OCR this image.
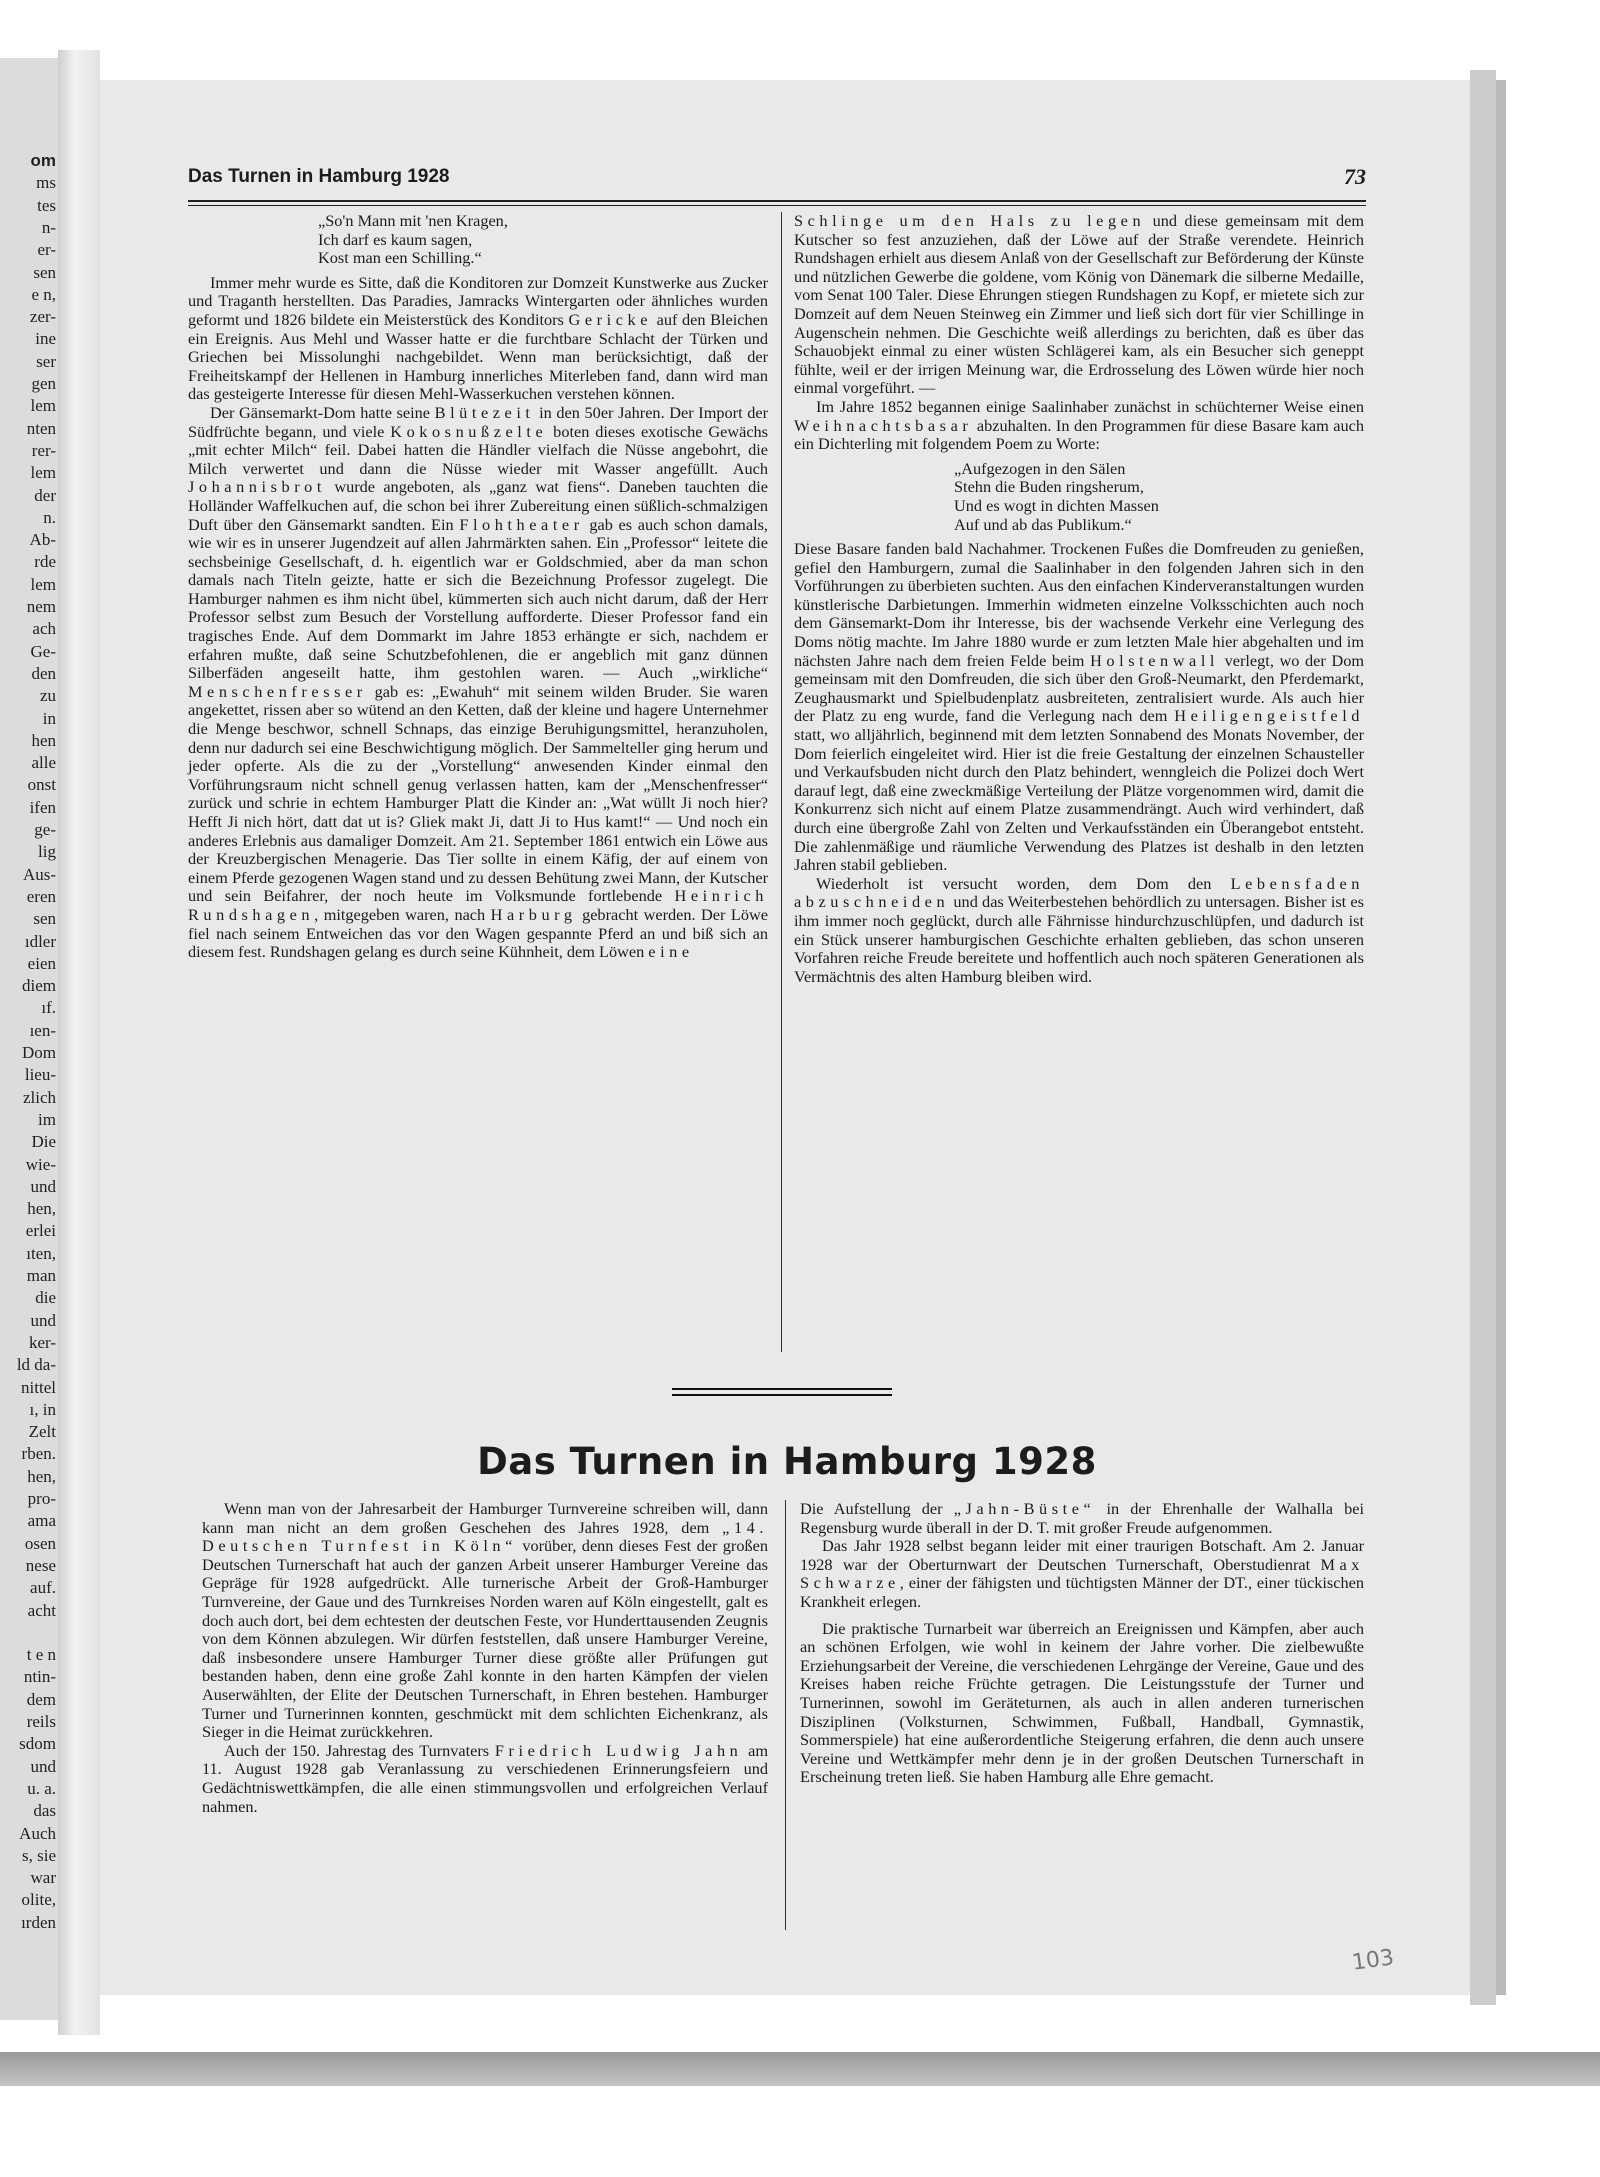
om
ms
tes
n-
er-
sen
e n,
zer-
ine
ser
gen
lem
nten
rer-
lem
der
n.
Ab-
rde
lem
nem
ach
Ge-
den
zu
in
hen
alle
onst
ifen
ge-
lig
Aus-
eren
sen
ıdler
eien
diem
ıf.
ıen-
Dom
lieu-
zlich
im
Die
wie-
und
hen,
erlei
ıten,
man
die
und
ker-
ld da-
nittel
ı, in
Zelt
rben.
hen,
pro-
ama
osen
nese
auf.
acht
t e n
ntin-
dem
reils
sdom
und
u. a.
das
Auch
s, sie
war
olite,
ırden
Das Turnen in Hamburg 1928	73
„So'n Mann mit 'nen Kragen,
Ich darf es kaum sagen,
Kost man een Schilling.“

Immer mehr wurde es Sitte, daß die Konditoren zur Domzeit Kunstwerke aus Zucker und Traganth herstellten. Das Paradies, Jamracks Wintergarten oder ähnliches wurden geformt und 1826 bildete ein Meisterstück des Konditors Gericke auf den Bleichen ein Ereignis. Aus Mehl und Wasser hatte er die furchtbare Schlacht der Türken und Griechen bei Missolunghi nachgebildet. Wenn man berücksichtigt, daß der Freiheitskampf der Hellenen in Hamburg innerliches Miterleben fand, dann wird man das gesteigerte Interesse für diesen Mehl-Wasserkuchen verstehen können.

Der Gänsemarkt-Dom hatte seine Blütezeit in den 50er Jahren. Der Import der Südfrüchte begann, und viele Kokosnußzelte boten dieses exotische Gewächs „mit echter Milch“ feil. Dabei hatten die Händler vielfach die Nüsse angebohrt, die Milch verwertet und dann die Nüsse wieder mit Wasser angefüllt. Auch Johannisbrot wurde angeboten, als „ganz wat fiens“. Daneben tauchten die Holländer Waffelkuchen auf, die schon bei ihrer Zubereitung einen süßlich-schmalzigen Duft über den Gänsemarkt sandten. Ein Flohtheater gab es auch schon damals, wie wir es in unserer Jugendzeit auf allen Jahrmärkten sahen. Ein „Professor“ leitete die sechsbeinige Gesellschaft, d. h. eigentlich war er Goldschmied, aber da man schon damals nach Titeln geizte, hatte er sich die Bezeichnung Professor zugelegt. Die Hamburger nahmen es ihm nicht übel, kümmerten sich auch nicht darum, daß der Herr Professor selbst zum Besuch der Vorstellung aufforderte. Dieser Professor fand ein tragisches Ende. Auf dem Dommarkt im Jahre 1853 erhängte er sich, nachdem er erfahren mußte, daß seine Schutzbefohlenen, die er angeblich mit ganz dünnen Silberfäden angeseilt hatte, ihm gestohlen waren. — Auch „wirkliche“ Menschenfresser gab es: „Ewahuh“ mit seinem wilden Bruder. Sie waren angekettet, rissen aber so wütend an den Ketten, daß der kleine und hagere Unternehmer die Menge beschwor, schnell Schnaps, das einzige Beruhigungsmittel, heranzuholen, denn nur dadurch sei eine Beschwichtigung möglich. Der Sammelteller ging herum und jeder opferte. Als die zu der „Vorstellung“ anwesenden Kinder einmal den Vorführungsraum nicht schnell genug verlassen hatten, kam der „Menschenfresser“ zurück und schrie in echtem Hamburger Platt die Kinder an: „Wat wüllt Ji noch hier? Hefft Ji nich hört, datt dat ut is? Gliek makt Ji, datt Ji to Hus kamt!“ — Und noch ein anderes Erlebnis aus damaliger Domzeit. Am 21. September 1861 entwich ein Löwe aus der Kreuzbergischen Menagerie. Das Tier sollte in einem Käfig, der auf einem von einem Pferde gezogenen Wagen stand und zu dessen Behütung zwei Mann, der Kutscher und sein Beifahrer, der noch heute im Volksmunde fortlebende Heinrich Rundshagen, mitgegeben waren, nach Harburg gebracht werden. Der Löwe fiel nach seinem Entweichen das vor den Wagen gespannte Pferd an und biß sich an diesem fest. Rundshagen gelang es durch seine Kühnheit, dem Löwen eine

Schlinge um den Hals zu legen und diese gemeinsam mit dem Kutscher so fest anzuziehen, daß der Löwe auf der Straße verendete. Heinrich Rundshagen erhielt aus diesem Anlaß von der Gesellschaft zur Beförderung der Künste und nützlichen Gewerbe die goldene, vom König von Dänemark die silberne Medaille, vom Senat 100 Taler. Diese Ehrungen stiegen Rundshagen zu Kopf, er mietete sich zur Domzeit auf dem Neuen Steinweg ein Zimmer und ließ sich dort für vier Schillinge in Augenschein nehmen. Die Geschichte weiß allerdings zu berichten, daß es über das Schauobjekt einmal zu einer wüsten Schlägerei kam, als ein Besucher sich geneppt fühlte, weil er der irrigen Meinung war, die Erdrosselung des Löwen würde hier noch einmal vorgeführt. —

Im Jahre 1852 begannen einige Saalinhaber zunächst in schüchterner Weise einen Weihnachtsbasar abzuhalten. In den Programmen für diese Basare kam auch ein Dichterling mit folgendem Poem zu Worte:

„Aufgezogen in den Sälen
Stehn die Buden ringsherum,
Und es wogt in dichten Massen
Auf und ab das Publikum.“

Diese Basare fanden bald Nachahmer. Trockenen Fußes die Domfreuden zu genießen, gefiel den Hamburgern, zumal die Saalinhaber in den folgenden Jahren sich in den Vorführungen zu überbieten suchten. Aus den einfachen Kinderveranstaltungen wurden künstlerische Darbietungen. Immerhin widmeten einzelne Volksschichten auch noch dem Gänsemarkt-Dom ihr Interesse, bis der wachsende Verkehr eine Verlegung des Doms nötig machte. Im Jahre 1880 wurde er zum letzten Male hier abgehalten und im nächsten Jahre nach dem freien Felde beim Holstenwall verlegt, wo der Dom gemeinsam mit den Domfreuden, die sich über den Groß-Neumarkt, den Pferdemarkt, Zeughausmarkt und Spielbudenplatz ausbreiteten, zentralisiert wurde. Als auch hier der Platz zu eng wurde, fand die Verlegung nach dem Heiligengeistfeld statt, wo alljährlich, beginnend mit dem letzten Sonnabend des Monats November, der Dom feierlich eingeleitet wird. Hier ist die freie Gestaltung der einzelnen Schausteller und Verkaufsbuden nicht durch den Platz behindert, wenngleich die Polizei doch Wert darauf legt, daß eine zweckmäßige Verteilung der Plätze vorgenommen wird, damit die Konkurrenz sich nicht auf einem Platze zusammendrängt. Auch wird verhindert, daß durch eine übergroße Zahl von Zelten und Verkaufsständen ein Überangebot entsteht. Die zahlenmäßige und räumliche Verwendung des Platzes ist deshalb in den letzten Jahren stabil geblieben.

Wiederholt ist versucht worden, dem Dom den Lebensfaden abzuschneiden und das Weiterbestehen behördlich zu untersagen. Bisher ist es ihm immer noch geglückt, durch alle Fährnisse hindurchzuschlüpfen, und dadurch ist ein Stück unserer hamburgischen Geschichte erhalten geblieben, das schon unseren Vorfahren reiche Freude bereitete und hoffentlich auch noch späteren Generationen als Vermächtnis des alten Hamburg bleiben wird.

Das Turnen in Hamburg 1928

Wenn man von der Jahresarbeit der Hamburger Turnvereine schreiben will, dann kann man nicht an dem großen Geschehen des Jahres 1928, dem „14. Deutschen Turnfest in Köln“ vorüber, denn dieses Fest der großen Deutschen Turnerschaft hat auch der ganzen Arbeit unserer Hamburger Vereine das Gepräge für 1928 aufgedrückt. Alle turnerische Arbeit der Groß-Hamburger Turnvereine, der Gaue und des Turnkreises Norden waren auf Köln eingestellt, galt es doch auch dort, bei dem echtesten der deutschen Feste, vor Hunderttausenden Zeugnis von dem Können abzulegen. Wir dürfen feststellen, daß unsere Hamburger Vereine, daß insbesondere unsere Hamburger Turner diese größte aller Prüfungen gut bestanden haben, denn eine große Zahl konnte in den harten Kämpfen der vielen Auserwählten, der Elite der Deutschen Turnerschaft, in Ehren bestehen. Hamburger Turner und Turnerinnen konnten, geschmückt mit dem schlichten Eichenkranz, als Sieger in die Heimat zurückkehren.

Auch der 150. Jahrestag des Turnvaters Friedrich Ludwig Jahn am 11. August 1928 gab Veranlassung zu verschiedenen Erinnerungsfeiern und Gedächtniswettkämpfen, die alle einen stimmungsvollen und erfolgreichen Verlauf nahmen.

Die Aufstellung der „Jahn-Büste“ in der Ehrenhalle der Walhalla bei Regensburg wurde überall in der D. T. mit großer Freude aufgenommen.

Das Jahr 1928 selbst begann leider mit einer traurigen Botschaft. Am 2. Januar 1928 war der Oberturnwart der Deutschen Turnerschaft, Oberstudienrat Max Schwarze, einer der fähigsten und tüchtigsten Männer der DT., einer tückischen Krankheit erlegen.

Die praktische Turnarbeit war überreich an Ereignissen und Kämpfen, aber auch an schönen Erfolgen, wie wohl in keinem der Jahre vorher. Die zielbewußte Erziehungsarbeit der Vereine, die verschiedenen Lehrgänge der Vereine, Gaue und des Kreises haben reiche Früchte getragen. Die Leistungsstufe der Turner und Turnerinnen, sowohl im Geräteturnen, als auch in allen anderen turnerischen Disziplinen (Volksturnen, Schwimmen, Fußball, Handball, Gymnastik, Sommerspiele) hat eine außerordentliche Steigerung erfahren, die denn auch unsere Vereine und Wettkämpfer mehr denn je in der großen Deutschen Turnerschaft in Erscheinung treten ließ. Sie haben Hamburg alle Ehre gemacht.

103
